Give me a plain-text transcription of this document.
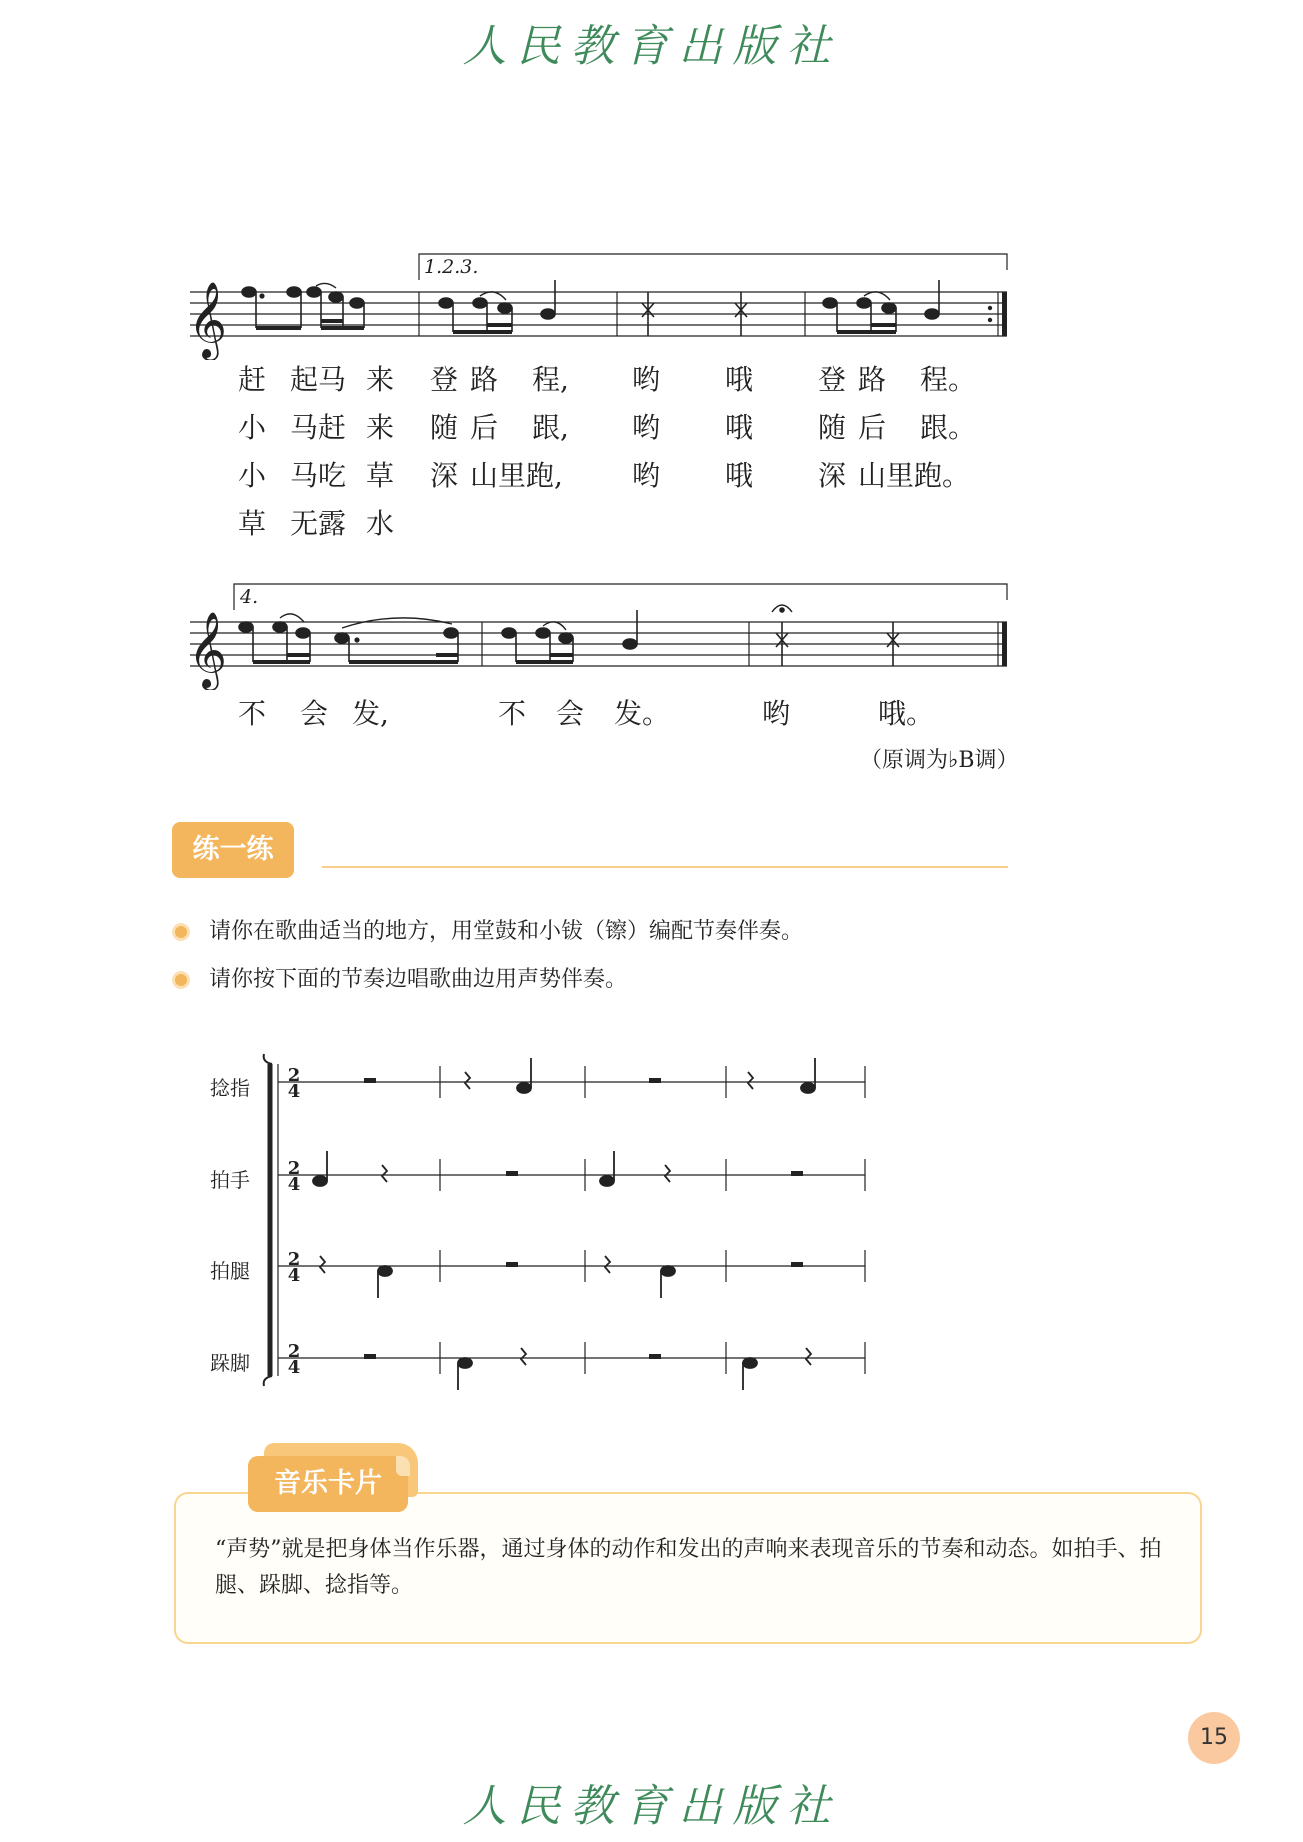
人民教育出版社
𝄞
1.2.3.
赶 起马 来 登 路 程, 哟 哦 登 路 程。
小 马赶 来 随 后 跟, 哟 哦 随 后 跟。
小 马吃 草 深 山里跑, 哟 哦 深 山里跑。
草 无露 水
𝄞
4.
不 会 发,	不 会 发。	哟	哦。
（原调为♭B调）
练一练
请你在歌曲适当的地方，用堂鼓和小钹（镲）编配节奏伴奏。
请你按下面的节奏边唱歌曲边用声势伴奏。
捻指
拍手
拍腿
跺脚
2
4
2
4
2
4
2
4
音乐卡片
“声势”就是把身体当作乐器，通过身体的动作和发出的声响来表现音乐的节奏和动态。如拍手、拍腿、跺脚、捻指等。
15
人民教育出版社
